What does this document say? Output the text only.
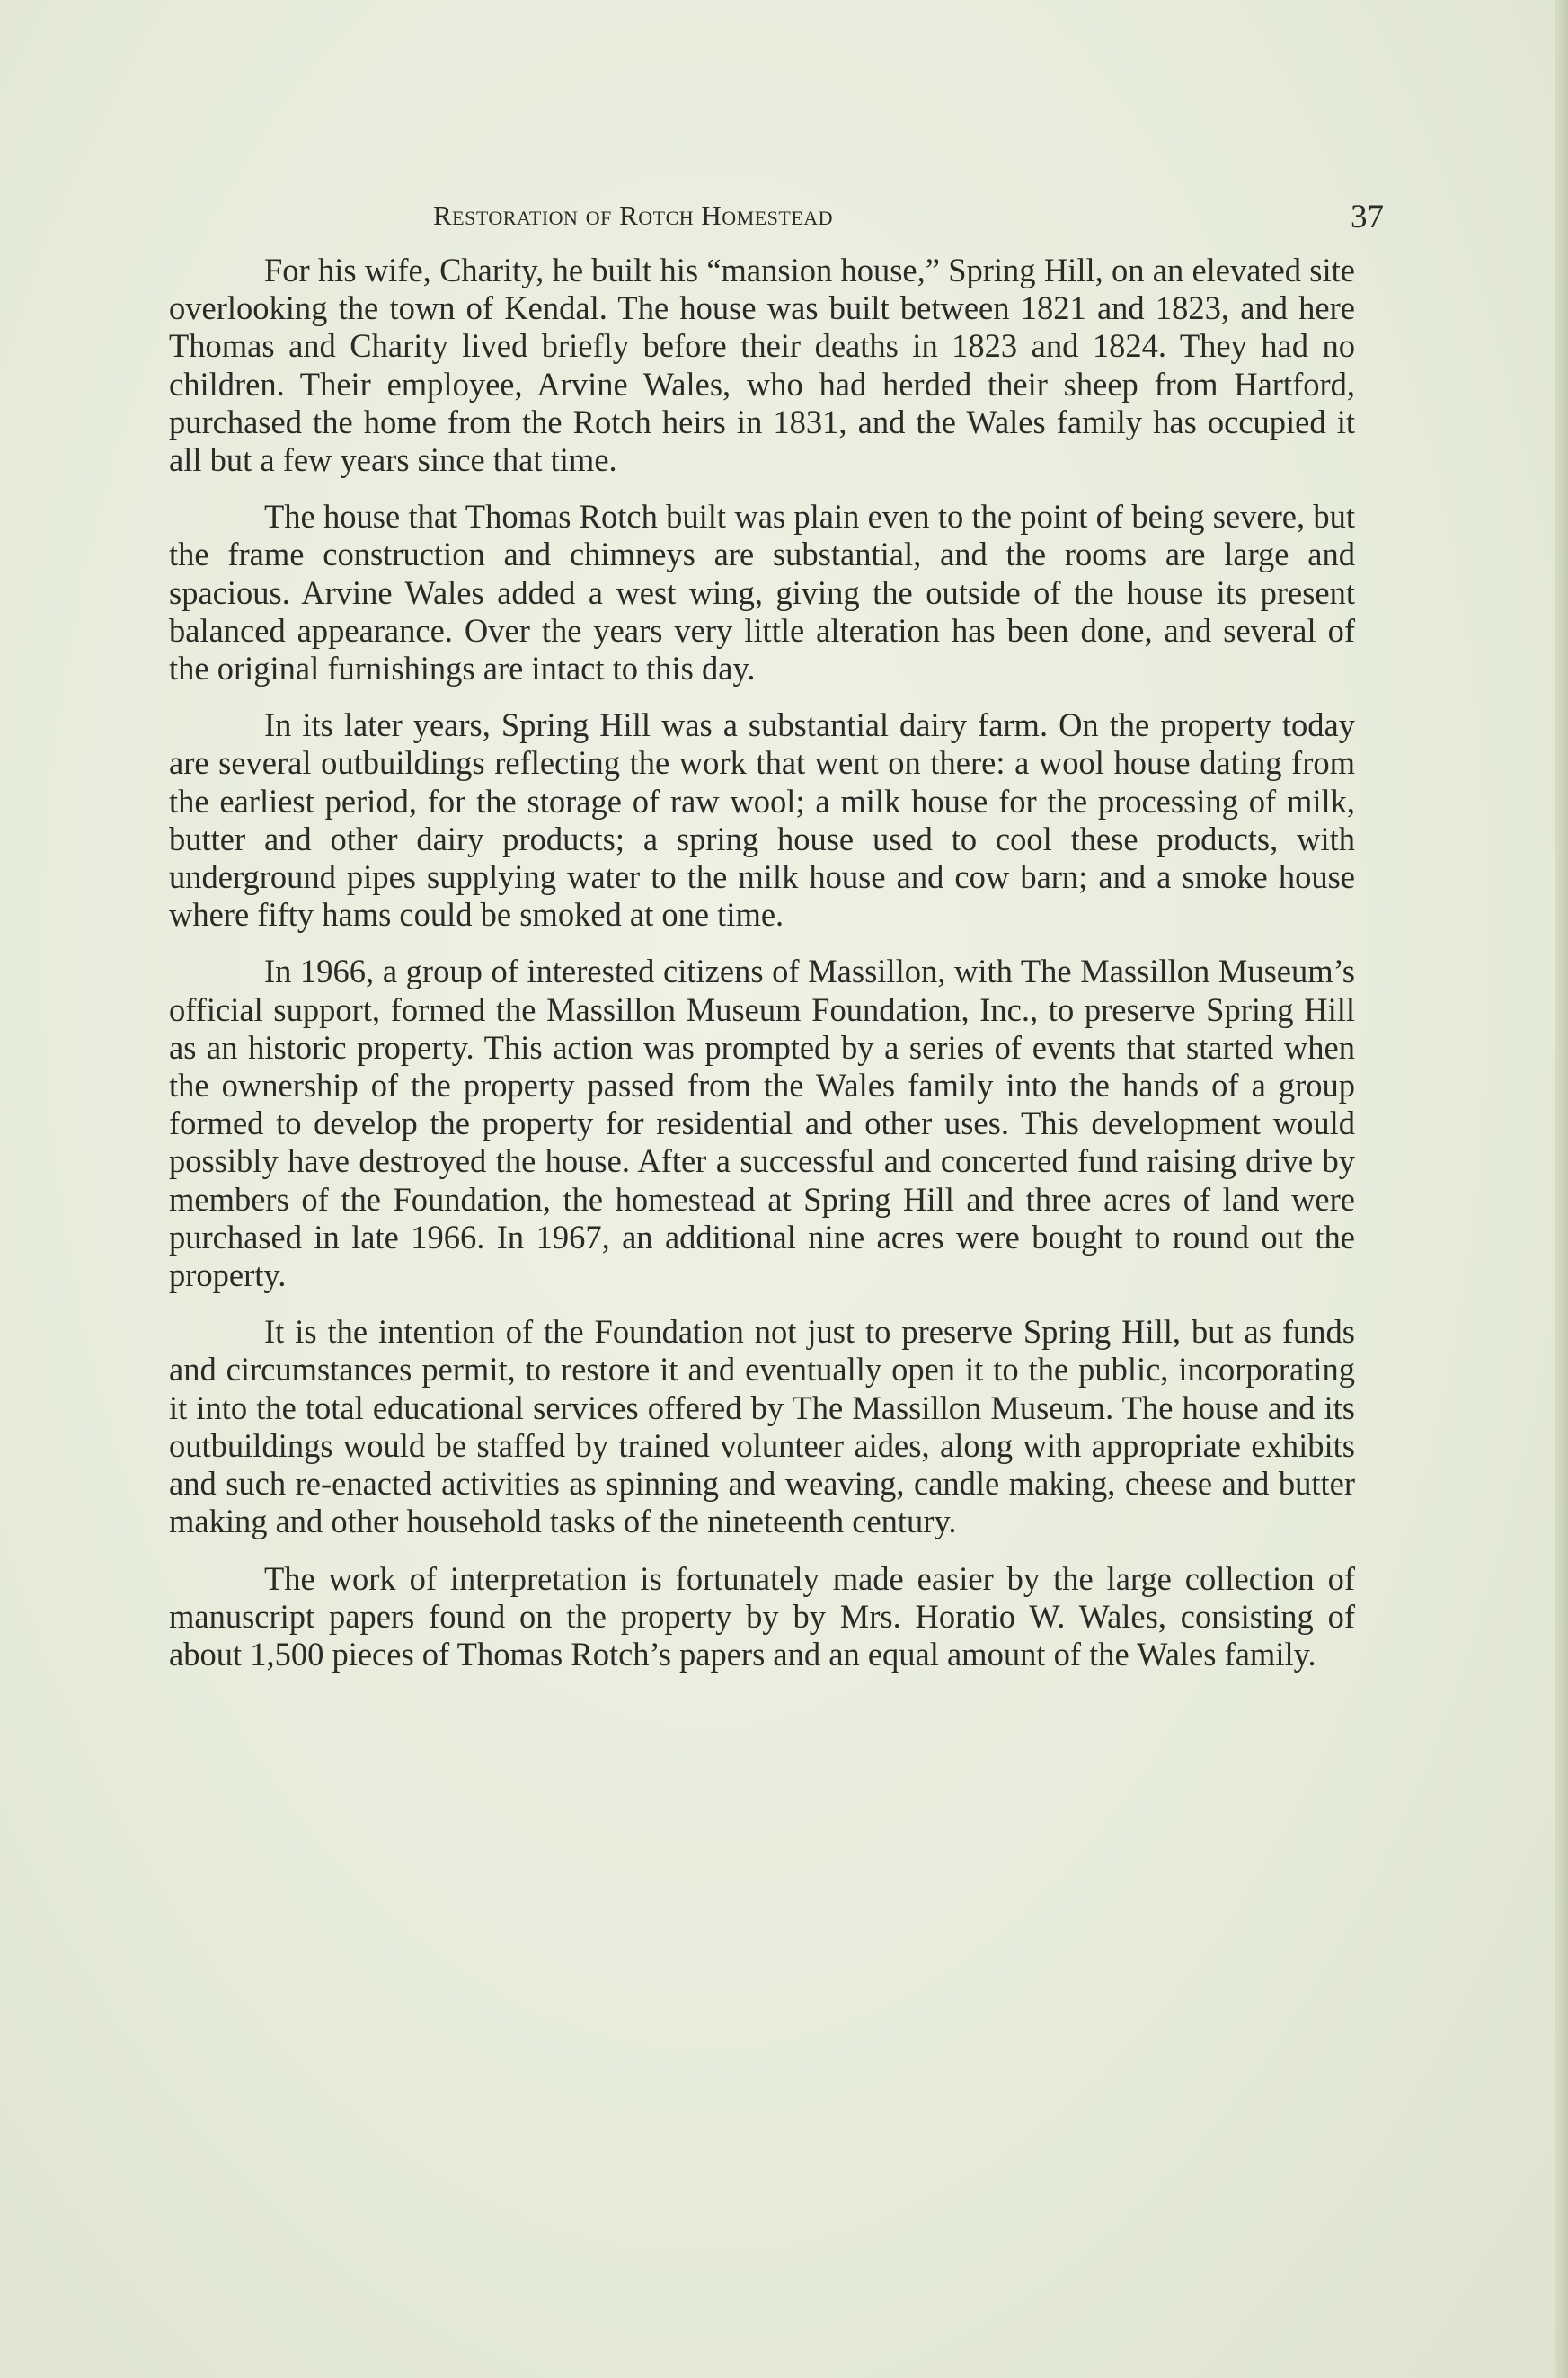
Restoration of Rotch Homestead	37

For his wife, Charity, he built his “mansion house,” Spring Hill, on an elevated site overlooking the town of Kendal. The house was built between 1821 and 1823, and here Thomas and Charity lived briefly before their deaths in 1823 and 1824. They had no children. Their employee, Arvine Wales, who had herded their sheep from Hartford, purchased the home from the Rotch heirs in 1831, and the Wales family has occupied it all but a few years since that time.

The house that Thomas Rotch built was plain even to the point of being severe, but the frame construction and chimneys are substantial, and the rooms are large and spacious. Arvine Wales added a west wing, giving the outside of the house its present balanced appearance. Over the years very little alteration has been done, and several of the original furnishings are intact to this day.

In its later years, Spring Hill was a substantial dairy farm. On the property today are several outbuildings reflecting the work that went on there: a wool house dating from the earliest period, for the storage of raw wool; a milk house for the processing of milk, butter and other dairy products; a spring house used to cool these products, with underground pipes supplying water to the milk house and cow barn; and a smoke house where fifty hams could be smoked at one time.

In 1966, a group of interested citizens of Massillon, with The Massillon Museum’s official support, formed the Massillon Museum Foundation, Inc., to preserve Spring Hill as an historic property. This action was prompted by a series of events that started when the ownership of the property passed from the Wales family into the hands of a group formed to develop the property for residential and other uses. This development would possibly have destroyed the house. After a successful and concerted fund raising drive by members of the Foundation, the homestead at Spring Hill and three acres of land were purchased in late 1966. In 1967, an additional nine acres were bought to round out the property.

It is the intention of the Foundation not just to preserve Spring Hill, but as funds and circumstances permit, to restore it and eventually open it to the public, incorporating it into the total educational services offered by The Massillon Museum. The house and its outbuildings would be staffed by trained volunteer aides, along with appropriate exhibits and such re-enacted activities as spinning and weaving, candle making, cheese and butter making and other household tasks of the nineteenth century.

The work of interpretation is fortunately made easier by the large collection of manuscript papers found on the property by by Mrs. Horatio W. Wales, consisting of about 1,500 pieces of Thomas Rotch’s papers and an equal amount of the Wales family.
